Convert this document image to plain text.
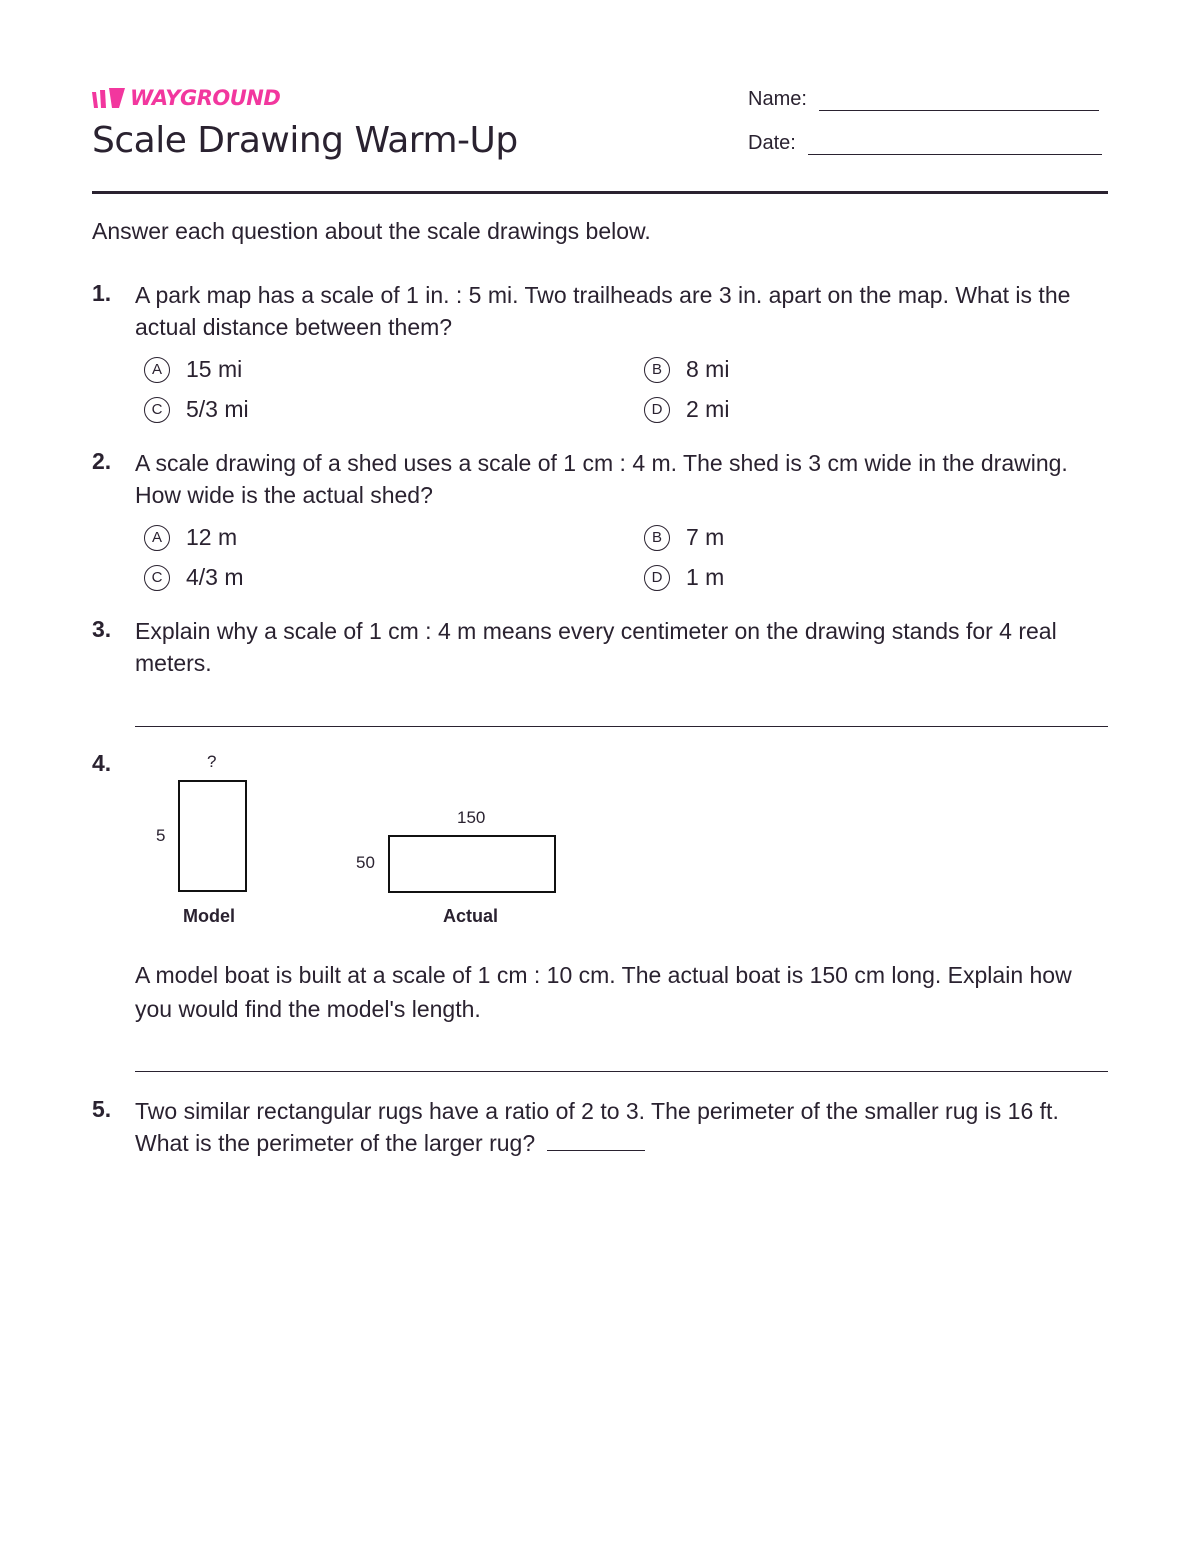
WAYGROUND
Scale Drawing Warm-Up
Name:
Date:
Answer each question about the scale drawings below.
1. A park map has a scale of 1 in. : 5 mi. Two trailheads are 3 in. apart on the map. What is the actual distance between them?
A	15 mi	B	8 mi
C	5/3 mi	D	2 mi
2. A scale drawing of a shed uses a scale of 1 cm : 4 m. The shed is 3 cm wide in the drawing. How wide is the actual shed?
A	12 m	B	7 m
C	4/3 m	D	1 m
3. Explain why a scale of 1 cm : 4 m means every centimeter on the drawing stands for 4 real meters.
4.	?
5
Model
150
50
Actual
A model boat is built at a scale of 1 cm : 10 cm. The actual boat is 150 cm long. Explain how you would find the model's length.
5. Two similar rectangular rugs have a ratio of 2 to 3. The perimeter of the smaller rug is 16 ft. What is the perimeter of the larger rug?
